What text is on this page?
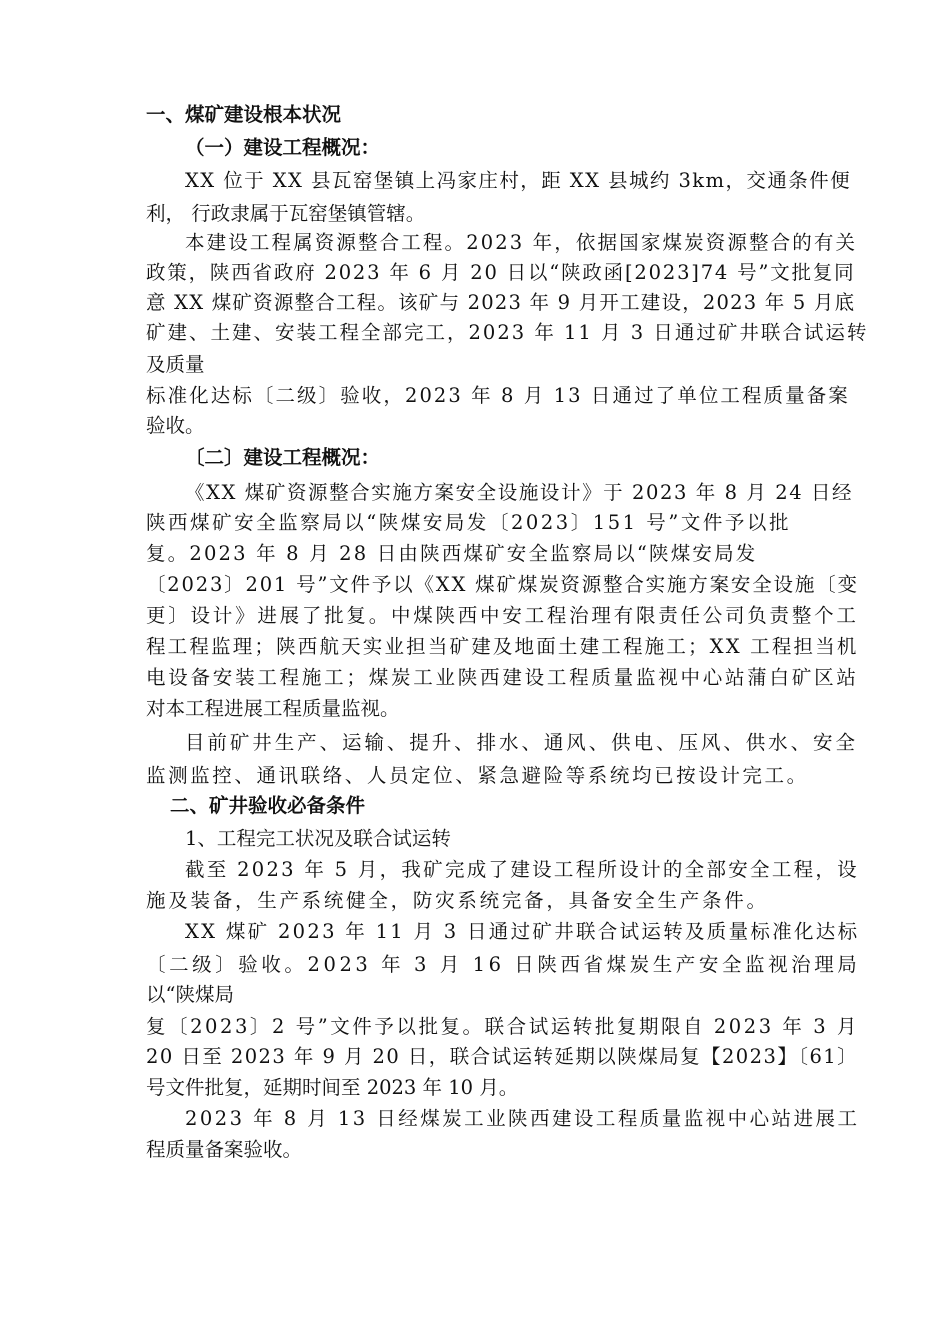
一、煤矿建设根本状况
（一）建设工程概况：
XX 位于 XX 县瓦窑堡镇上冯家庄村，距 XX 县城约 3km，交通条件便
利， 行政隶属于瓦窑堡镇管辖。
本建设工程属资源整合工程。2023 年，依据国家煤炭资源整合的有关
政策，陕西省政府 2023 年 6 月 20 日以“陕政函[2023]74 号”文批复同
意 XX 煤矿资源整合工程。该矿与 2023 年 9 月开工建设，2023 年 5 月底
矿建、土建、安装工程全部完工，2023 年 11 月 3 日通过矿井联合试运转
及质量
标准化达标〔二级〕验收，2023 年 8 月 13 日通过了单位工程质量备案
验收。
〔二〕建设工程概况：
《XX 煤矿资源整合实施方案安全设施设计》于 2023 年 8 月 24 日经
陕西煤矿安全监察局以“陕煤安局发〔2023〕151 号”文件予以批
复。2023 年 8 月 28 日由陕西煤矿安全监察局以“陕煤安局发
〔2023〕201 号”文件予以《XX 煤矿煤炭资源整合实施方案安全设施〔变
更〕设计》进展了批复。中煤陕西中安工程治理有限责任公司负责整个工
程工程监理；陕西航天实业担当矿建及地面土建工程施工；XX 工程担当机
电设备安装工程施工；煤炭工业陕西建设工程质量监视中心站蒲白矿区站
对本工程进展工程质量监视。
目前矿井生产、运输、提升、排水、通风、供电、压风、供水、安全
监测监控、通讯联络、人员定位、紧急避险等系统均已按设计完工。
二、矿井验收必备条件
1、工程完工状况及联合试运转
截至 2023 年 5 月，我矿完成了建设工程所设计的全部安全工程，设
施及装备，生产系统健全，防灾系统完备，具备安全生产条件。
XX 煤矿 2023 年 11 月 3 日通过矿井联合试运转及质量标准化达标
〔二级〕验收。2023 年 3 月 16 日陕西省煤炭生产安全监视治理局
以“陕煤局
复〔2023〕2 号”文件予以批复。联合试运转批复期限自 2023 年 3 月
20 日至 2023 年 9 月 20 日，联合试运转延期以陕煤局复【2023】〔61〕
号文件批复，延期时间至 2023 年 10 月。
2023 年 8 月 13 日经煤炭工业陕西建设工程质量监视中心站进展工
程质量备案验收。
